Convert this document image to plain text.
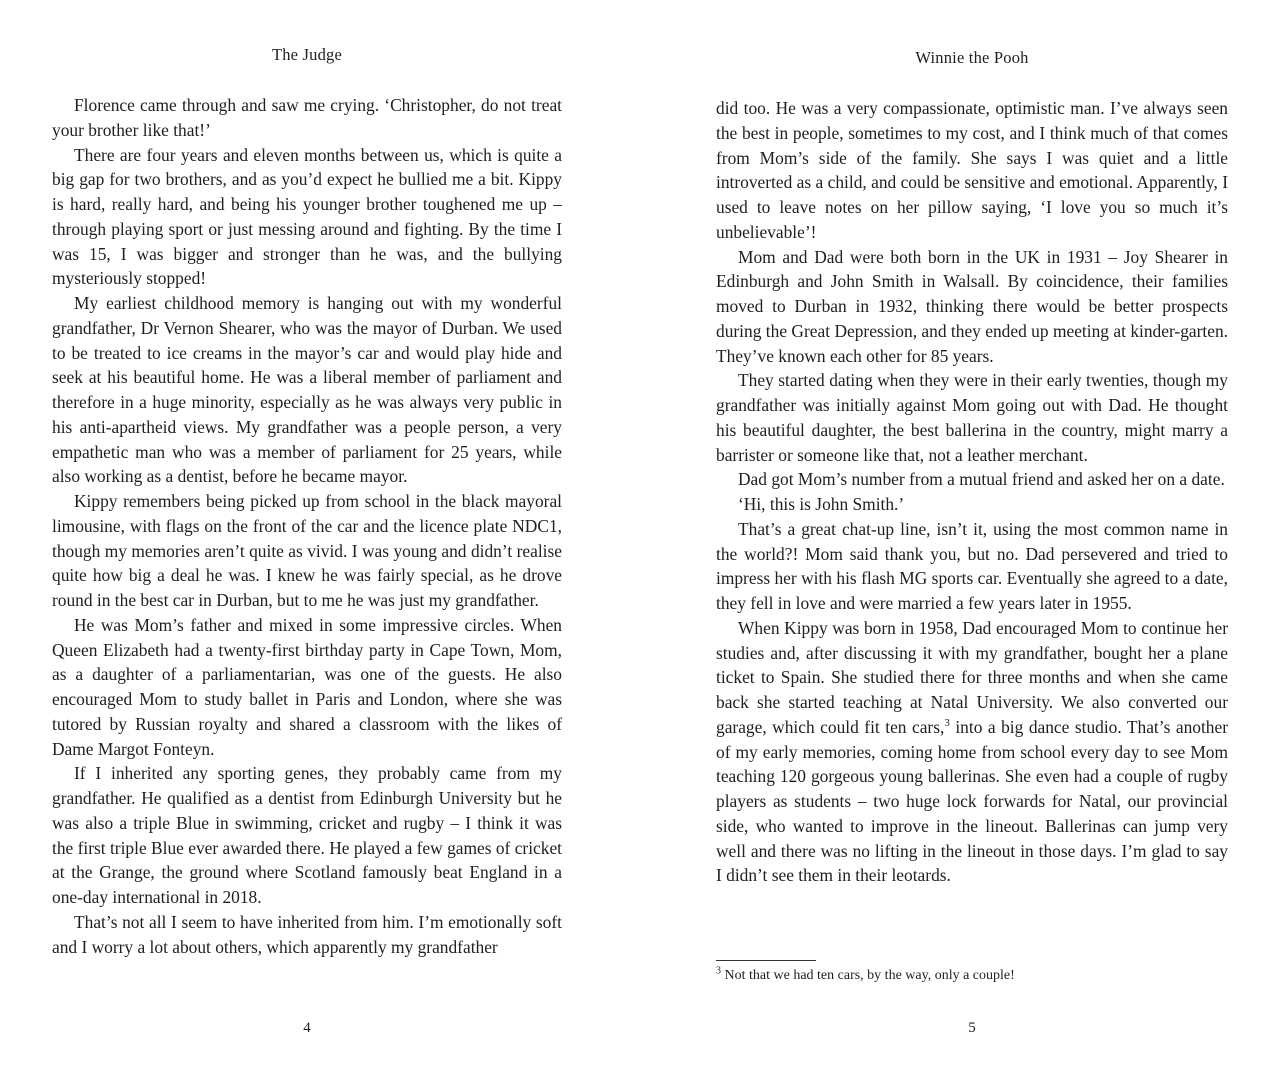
The Judge

Florence came through and saw me crying. ‘Christopher, do not treat your brother like that!’

There are four years and eleven months between us, which is quite a big gap for two brothers, and as you’d expect he bullied me a bit. Kippy is hard, really hard, and being his younger brother toughened me up – through playing sport or just messing around and fighting. By the time I was 15, I was bigger and stronger than he was, and the bullying mysteriously stopped!

My earliest childhood memory is hanging out with my wonderful grandfather, Dr Vernon Shearer, who was the mayor of Durban. We used to be treated to ice creams in the mayor’s car and would play hide and seek at his beautiful home. He was a liberal member of parliament and therefore in a huge minority, especially as he was always very public in his anti-apartheid views. My grandfather was a people person, a very empathetic man who was a member of parliament for 25 years, while also working as a dentist, before he became mayor.

Kippy remembers being picked up from school in the black mayoral limousine, with flags on the front of the car and the licence plate NDC1, though my memories aren’t quite as vivid. I was young and didn’t realise quite how big a deal he was. I knew he was fairly special, as he drove round in the best car in Durban, but to me he was just my grandfather.

He was Mom’s father and mixed in some impressive circles. When Queen Elizabeth had a twenty-first birthday party in Cape Town, Mom, as a daughter of a parliamentarian, was one of the guests. He also encouraged Mom to study ballet in Paris and London, where she was tutored by Russian royalty and shared a classroom with the likes of Dame Margot Fonteyn.

If I inherited any sporting genes, they probably came from my grandfather. He qualified as a dentist from Edinburgh University but he was also a triple Blue in swimming, cricket and rugby – I think it was the first triple Blue ever awarded there. He played a few games of cricket at the Grange, the ground where Scotland famously beat England in a one-day international in 2018.

That’s not all I seem to have inherited from him. I’m emotionally soft and I worry a lot about others, which apparently my grandfather

4
Winnie the Pooh

did too. He was a very compassionate, optimistic man. I’ve always seen the best in people, sometimes to my cost, and I think much of that comes from Mom’s side of the family. She says I was quiet and a little introverted as a child, and could be sensitive and emotional. Apparently, I used to leave notes on her pillow saying, ‘I love you so much it’s unbelievable’!

Mom and Dad were both born in the UK in 1931 – Joy Shearer in Edinburgh and John Smith in Walsall. By coincidence, their families moved to Durban in 1932, thinking there would be better prospects during the Great Depression, and they ended up meeting at kinder-garten. They’ve known each other for 85 years.

They started dating when they were in their early twenties, though my grandfather was initially against Mom going out with Dad. He thought his beautiful daughter, the best ballerina in the country, might marry a barrister or someone like that, not a leather merchant.

Dad got Mom’s number from a mutual friend and asked her on a date.

‘Hi, this is John Smith.’

That’s a great chat-up line, isn’t it, using the most common name in the world?! Mom said thank you, but no. Dad persevered and tried to impress her with his flash MG sports car. Eventually she agreed to a date, they fell in love and were married a few years later in 1955.

When Kippy was born in 1958, Dad encouraged Mom to continue her studies and, after discussing it with my grandfather, bought her a plane ticket to Spain. She studied there for three months and when she came back she started teaching at Natal University. We also converted our garage, which could fit ten cars,$^3$ into a big dance studio. That’s another of my early memories, coming home from school every day to see Mom teaching 120 gorgeous young ballerinas. She even had a couple of rugby players as students – two huge lock forwards for Natal, our provincial side, who wanted to improve in the lineout. Ballerinas can jump very well and there was no lifting in the lineout in those days. I’m glad to say I didn’t see them in their leotards.

$^3$ Not that we had ten cars, by the way, only a couple!
5
